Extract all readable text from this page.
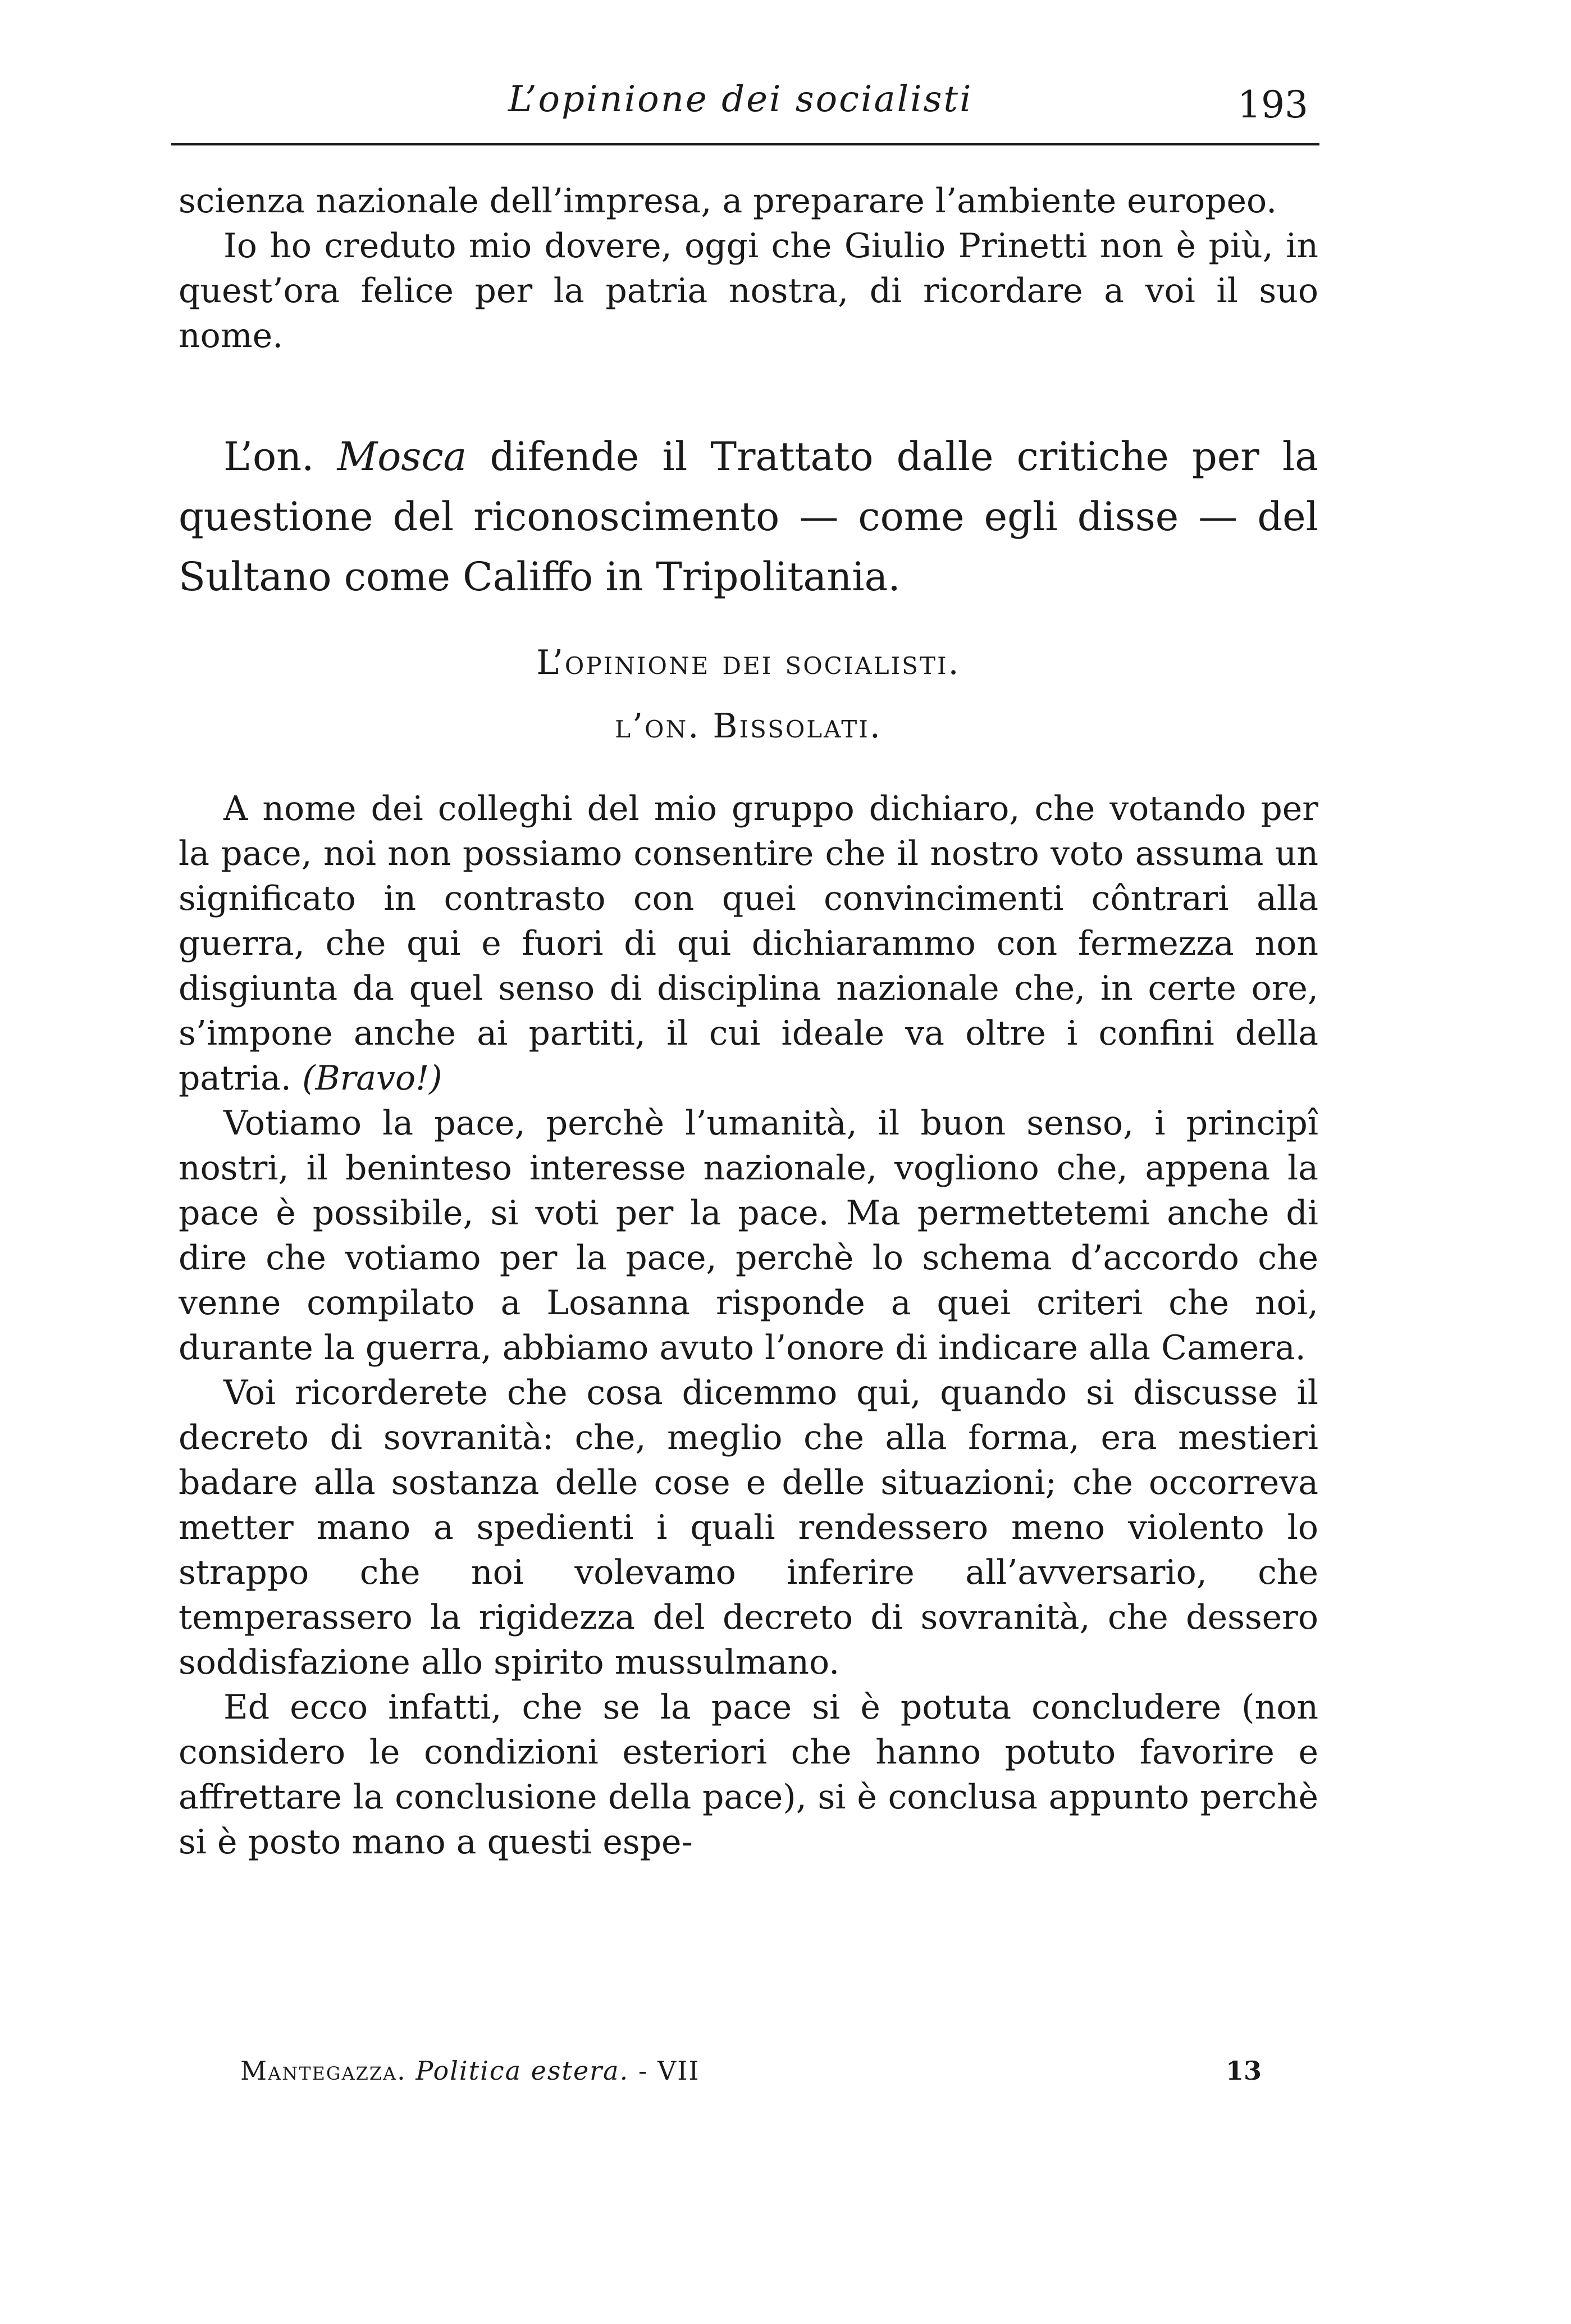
L’opinione dei socialisti	193

scienza nazionale dell’impresa, a preparare l’ambiente europeo.

Io ho creduto mio dovere, oggi che Giulio Prinetti non è più, in quest’ora felice per la patria nostra, di ricordare a voi il suo nome.

L’on. Mosca difende il Trattato dalle critiche per la questione del riconoscimento — come egli disse — del Sultano come Califfo in Tripolitania.

L’opinione dei socialisti.
l’on. Bissolati.

A nome dei colleghi del mio gruppo dichiaro, che votando per la pace, noi non possiamo consentire che il nostro voto assuma un significato in contrasto con quei convincimenti côntrari alla guerra, che qui e fuori di qui dichiarammo con fermezza non disgiunta da quel senso di disciplina nazionale che, in certe ore, s’impone anche ai partiti, il cui ideale va oltre i confini della patria. (Bravo!)

Votiamo la pace, perchè l’umanità, il buon senso, i principî nostri, il beninteso interesse nazionale, vogliono che, appena la pace è possibile, si voti per la pace. Ma permettetemi anche di dire che votiamo per la pace, perchè lo schema d’accordo che venne compilato a Losanna risponde a quei criteri che noi, durante la guerra, abbiamo avuto l’onore di indicare alla Camera.

Voi ricorderete che cosa dicemmo qui, quando si discusse il decreto di sovranità: che, meglio che alla forma, era mestieri badare alla sostanza delle cose e delle situazioni; che occorreva metter mano a spedienti i quali rendessero meno violento lo strappo che noi volevamo inferire all’avversario, che temperassero la rigidezza del decreto di sovranità, che dessero soddisfazione allo spirito mussulmano.

Ed ecco infatti, che se la pace si è potuta concludere (non considero le condizioni esteriori che hanno potuto favorire e affrettare la conclusione della pace), si è conclusa appunto perchè si è posto mano a questi espe-

Mantegazza. Politica estera. - VII	13
